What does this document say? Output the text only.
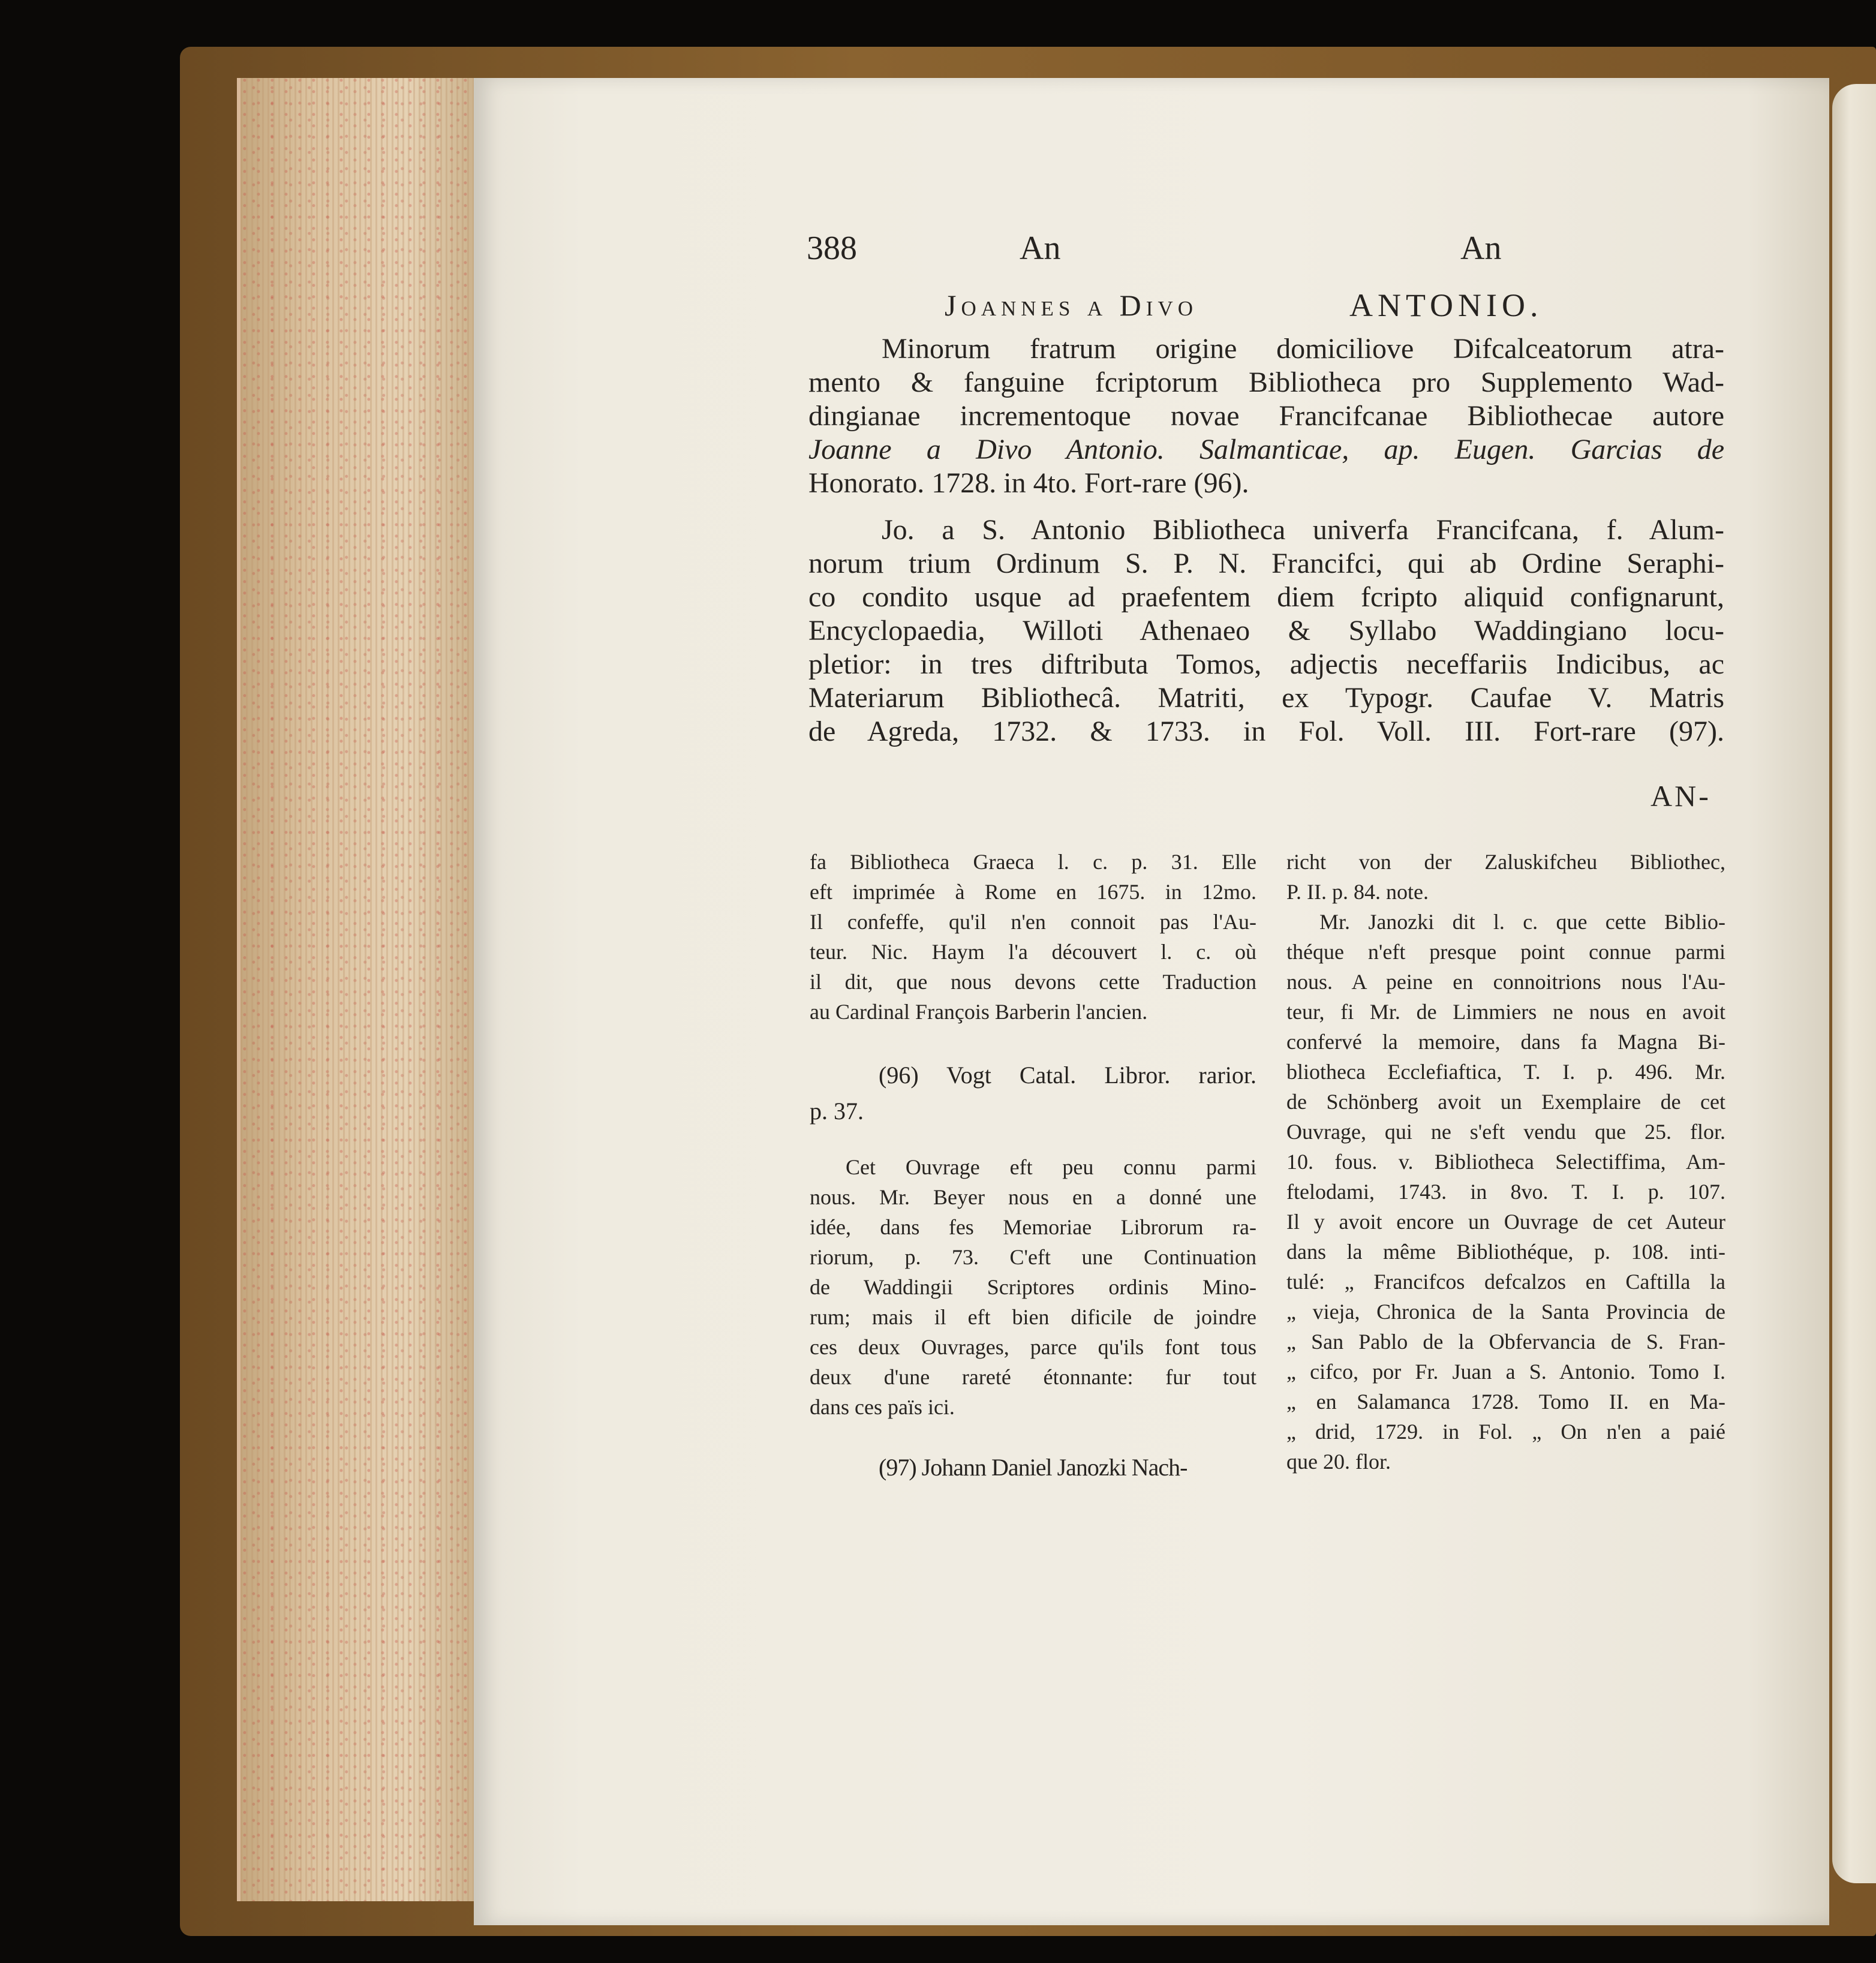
388	An	An
Joannes a Divo	ANTONIO.
Minorum fratrum origine domiciliove Difcalceatorum atra-
mento & fanguine fcriptorum Bibliotheca pro Supplemento Wad-
dingianae incrementoque novae Francifcanae Bibliothecae autore
Joanne a Divo Antonio. Salmanticae, ap. Eugen. Garcias de
Honorato. 1728. in 4to. Fort-rare (96).
Jo. a S. Antonio Bibliotheca univerfa Francifcana, f. Alum-
norum trium Ordinum S. P. N. Francifci, qui ab Ordine Seraphi-
co condito usque ad praefentem diem fcripto aliquid confignarunt,
Encyclopaedia, Willoti Athenaeo & Syllabo Waddingiano locu-
pletior: in tres diftributa Tomos, adjectis neceffariis Indicibus, ac
Materiarum Bibliothecâ. Matriti, ex Typogr. Caufae V. Matris
de Agreda, 1732. & 1733. in Fol. Voll. III. Fort-rare (97).
AN-
fa Bibliotheca Graeca l. c. p. 31. Elle
eft imprimée à Rome en 1675. in 12mo.
Il confeffe, qu'il n'en connoit pas l'Au-
teur. Nic. Haym l'a découvert l. c. où
il dit, que nous devons cette Traduction
au Cardinal François Barberin l'ancien.
(96) Vogt Catal. Libror. rarior.
p. 37.
Cet Ouvrage eft peu connu parmi
nous. Mr. Beyer nous en a donné une
idée, dans fes Memoriae Librorum ra-
riorum, p. 73. C'eft une Continuation
de Waddingii Scriptores ordinis Mino-
rum; mais il eft bien dificile de joindre
ces deux Ouvrages, parce qu'ils font tous
deux d'une rareté étonnante: fur tout
dans ces païs ici.
(97) Johann Daniel Janozki Nach-
richt von der Zaluskifcheu Bibliothec,
P. II. p. 84. note.
Mr. Janozki dit l. c. que cette Biblio-
théque n'eft presque point connue parmi
nous. A peine en connoitrions nous l'Au-
teur, fi Mr. de Limmiers ne nous en avoit
confervé la memoire, dans fa Magna Bi-
bliotheca Ecclefiaftica, T. I. p. 496. Mr.
de Schönberg avoit un Exemplaire de cet
Ouvrage, qui ne s'eft vendu que 25. flor.
10. fous. v. Bibliotheca Selectiffima, Am-
ftelodami, 1743. in 8vo. T. I. p. 107.
Il y avoit encore un Ouvrage de cet Auteur
dans la même Bibliothéque, p. 108. inti-
tulé: „ Francifcos defcalzos en Caftilla la
„ vieja, Chronica de la Santa Provincia de
„ San Pablo de la Obfervancia de S. Fran-
„ cifco, por Fr. Juan a S. Antonio. Tomo I.
„ en Salamanca 1728. Tomo II. en Ma-
„ drid, 1729. in Fol. „ On n'en a paié
que 20. flor.
